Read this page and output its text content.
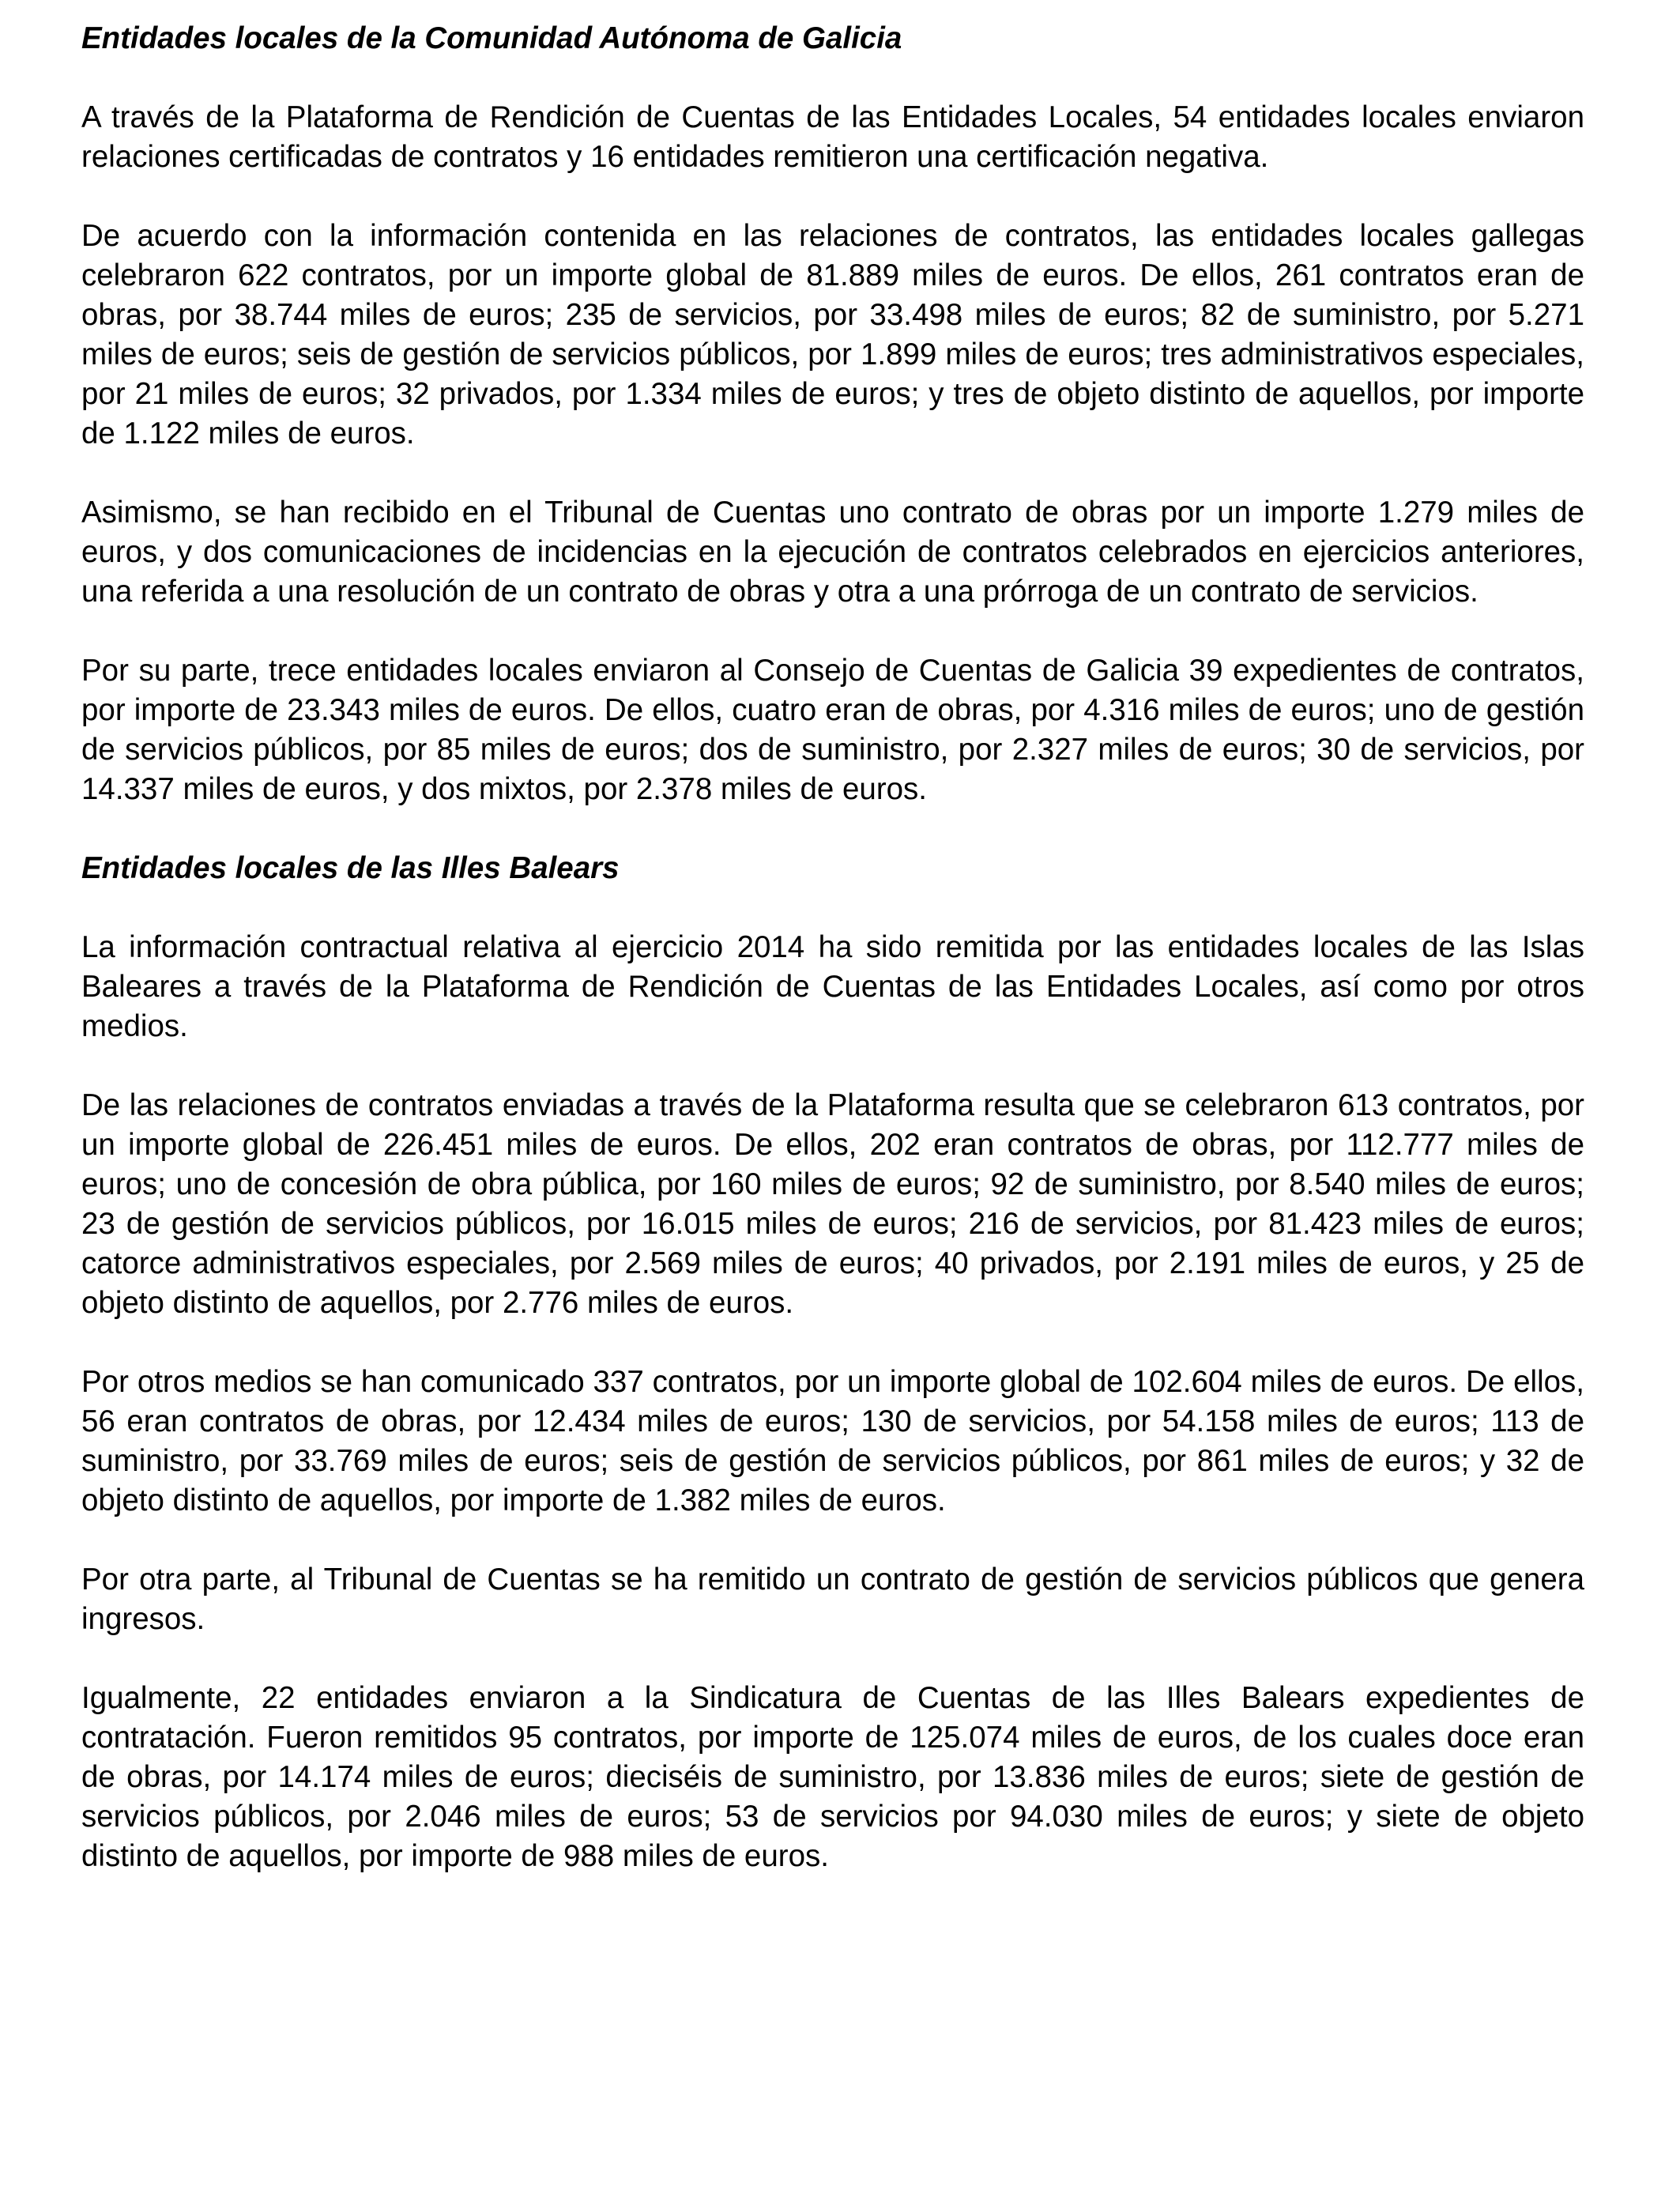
Entidades locales de la Comunidad Autónoma de Galicia

A través de la Plataforma de Rendición de Cuentas de las Entidades Locales, 54 entidades locales enviaron relaciones certificadas de contratos y 16 entidades remitieron una certificación negativa.

De acuerdo con la información contenida en las relaciones de contratos, las entidades locales gallegas celebraron 622 contratos, por un importe global de 81.889 miles de euros. De ellos, 261 contratos eran de obras, por 38.744 miles de euros; 235 de servicios, por 33.498 miles de euros; 82 de suministro, por 5.271 miles de euros; seis de gestión de servicios públicos, por 1.899 miles de euros; tres administrativos especiales, por 21 miles de euros; 32 privados, por 1.334 miles de euros; y tres de objeto distinto de aquellos, por importe de 1.122 miles de euros.

Asimismo, se han recibido en el Tribunal de Cuentas uno contrato de obras por un importe 1.279 miles de euros, y dos comunicaciones de incidencias en la ejecución de contratos celebrados en ejercicios anteriores, una referida a una resolución de un contrato de obras y otra a una prórroga de un contrato de servicios.

Por su parte, trece entidades locales enviaron al Consejo de Cuentas de Galicia 39 expedientes de contratos, por importe de 23.343 miles de euros. De ellos, cuatro eran de obras, por 4.316 miles de euros; uno de gestión de servicios públicos, por 85 miles de euros; dos de suministro, por 2.327 miles de euros; 30 de servicios, por 14.337 miles de euros, y dos mixtos, por 2.378 miles de euros.

Entidades locales de las Illes Balears

La información contractual relativa al ejercicio 2014 ha sido remitida por las entidades locales de las Islas Baleares a través de la Plataforma de Rendición de Cuentas de las Entidades Locales, así como por otros medios.

De las relaciones de contratos enviadas a través de la Plataforma resulta que se celebraron 613 contratos, por un importe global de 226.451 miles de euros. De ellos, 202 eran contratos de obras, por 112.777 miles de euros; uno de concesión de obra pública, por 160 miles de euros; 92 de suministro, por 8.540 miles de euros; 23 de gestión de servicios públicos, por 16.015 miles de euros; 216 de servicios, por 81.423 miles de euros; catorce administrativos especiales, por 2.569 miles de euros; 40 privados, por 2.191 miles de euros, y 25 de objeto distinto de aquellos, por 2.776 miles de euros.

Por otros medios se han comunicado 337 contratos, por un importe global de 102.604 miles de euros. De ellos, 56 eran contratos de obras, por 12.434 miles de euros; 130 de servicios, por 54.158 miles de euros; 113 de suministro, por 33.769 miles de euros; seis de gestión de servicios públicos, por 861 miles de euros; y 32 de objeto distinto de aquellos, por importe de 1.382 miles de euros.

Por otra parte, al Tribunal de Cuentas se ha remitido un contrato de gestión de servicios públicos que genera ingresos.

Igualmente, 22 entidades enviaron a la Sindicatura de Cuentas de las Illes Balears expedientes de contratación. Fueron remitidos 95 contratos, por importe de 125.074 miles de euros, de los cuales doce eran de obras, por 14.174 miles de euros; dieciséis de suministro, por 13.836 miles de euros; siete de gestión de servicios públicos, por 2.046 miles de euros; 53 de servicios por 94.030 miles de euros; y siete de objeto distinto de aquellos, por importe de 988 miles de euros.
